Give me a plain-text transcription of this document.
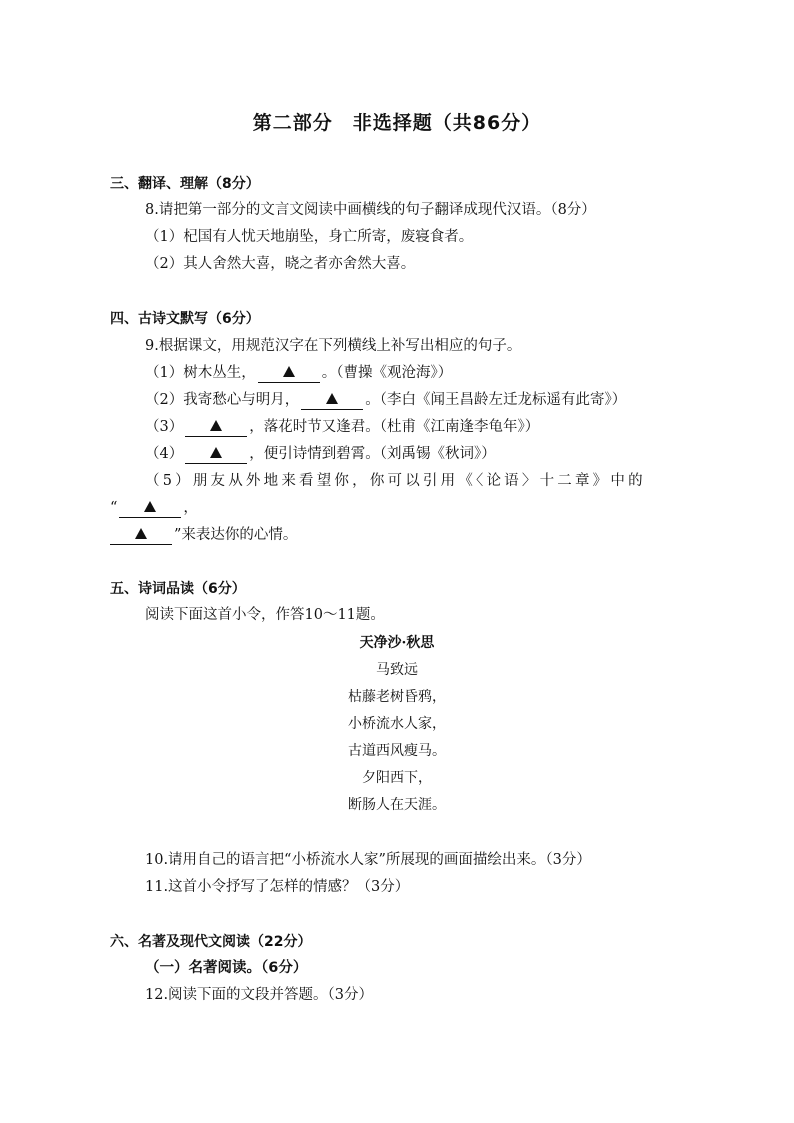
第二部分　非选择题（共86分）
三、翻译、理解（8分）
8.请把第一部分的文言文阅读中画横线的句子翻译成现代汉语。（8分）
（1）杞国有人忧天地崩坠，身亡所寄，废寝食者。
（2）其人舍然大喜，晓之者亦舍然大喜。
四、古诗文默写（6分）
9.根据课文，用规范汉字在下列横线上补写出相应的句子。
（1）树木丛生，	。（曹操《观沧海》）
（2）我寄愁心与明月，	。（李白《闻王昌龄左迁龙标遥有此寄》）
（3）	，落花时节又逢君。（杜甫《江南逢李龟年》）
（4）	，便引诗情到碧霄。（刘禹锡《秋词》）
（5）朋友从外地来看望你，你可以引用《〈论语〉十二章》中的
“	，
”来表达你的心情。
五、诗词品读（6分）
阅读下面这首小令，作答10～11题。
天净沙·秋思
马致远
枯藤老树昏鸦，
小桥流水人家，
古道西风瘦马。
夕阳西下，
断肠人在天涯。
10.请用自己的语言把“小桥流水人家”所展现的画面描绘出来。（3分）
11.这首小令抒写了怎样的情感？（3分）
六、名著及现代文阅读（22分）
（一）名著阅读。（6分）
12.阅读下面的文段并答题。（3分）
